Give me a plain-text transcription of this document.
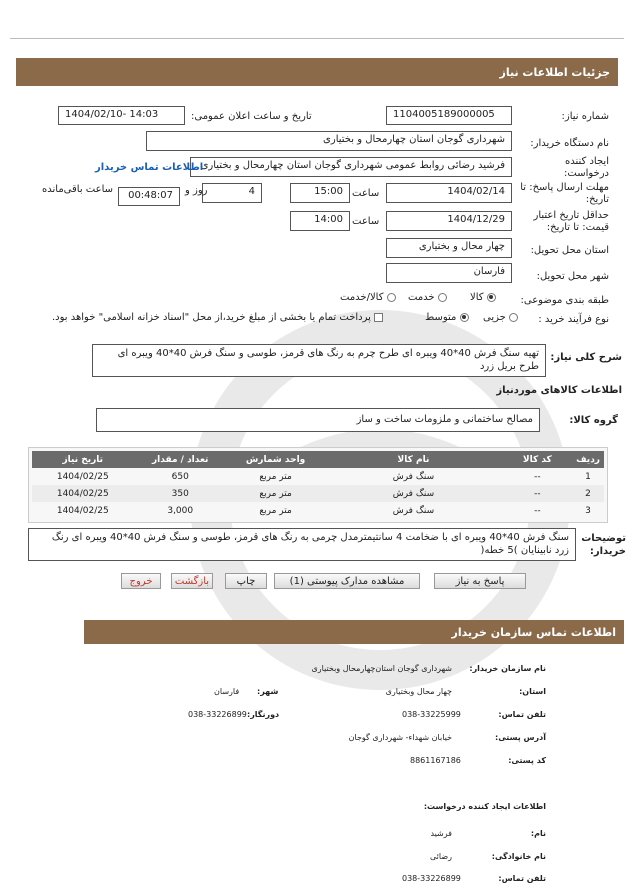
جزئیات اطلاعات نیاز
شماره نیاز:
1104005189000005
تاریخ و ساعت اعلان عمومی:
1404/02/10- 14:03
نام دستگاه خریدار:
شهرداری گوجان استان چهارمحال و بختیاری
ایجاد کننده درخواست:
فرشید رضائی روابط عمومی شهرداری گوجان استان چهارمحال و بختیاری
اطلاعات تماس خریدار
مهلت ارسال پاسخ: تا تاریخ:
1404/02/14
ساعت
15:00
4
روز و
00:48:07
ساعت باقی‌مانده
حداقل تاریخ اعتبار قیمت: تا تاریخ:
1404/12/29
ساعت
14:00
استان محل تحویل:
چهار محال و بختیاری
شهر محل تحویل:
فارسان
طبقه بندی موضوعی:
کالا
خدمت
کالا/خدمت
نوع فرآیند خرید :
جزیی
متوسط
پرداخت تمام یا بخشی از مبلغ خرید،از محل "اسناد خزانه اسلامی" خواهد بود.
شرح کلی نیاز:
تهیه سنگ فرش 40*40 ویبره ای طرح چرم به رنگ های قرمز، طوسی و سنگ فرش 40*40 ویبره ای طرح بریل زرد
اطلاعات کالاهای موردنیاز
گروه کالا:
مصالح ساختمانی و ملزومات ساخت و ساز
ردیف	کد کالا	نام کالا	واحد شمارش	تعداد / مقدار	تاریخ نیاز
1	--	سنگ فرش	متر مربع	650	1404/02/25
2	--	سنگ فرش	متر مربع	350	1404/02/25
3	--	سنگ فرش	متر مربع	3,000	1404/02/25
توضیحات خریدار:
سنگ فرش 40*40 ویبره ای با ضخامت 4 سانتیمترمدل چرمی به رنگ های قرمز، طوسی و سنگ فرش 40*40 ویبره ای رنگ زرد نابینایان )5 خطه(
پاسخ به نیاز
مشاهده مدارک پیوستی (1)
چاپ
بازگشت
خروج
اطلاعات تماس سازمان خریدار
نام سازمان خریدار:
شهرداری گوجان استان‌چهارمحال وبختیاری
استان:
چهار محال وبختیاری
شهر:
فارسان
تلفن تماس:
038-33225999
دورنگار:
038-33226899
آدرس پستی:
خیابان شهداء- شهرداری گوجان
کد پستی:
8861167186
اطلاعات ایجاد کننده درخواست:
نام:
فرشید
نام خانوادگی:
رضائی
تلفن تماس:
038-33226899
